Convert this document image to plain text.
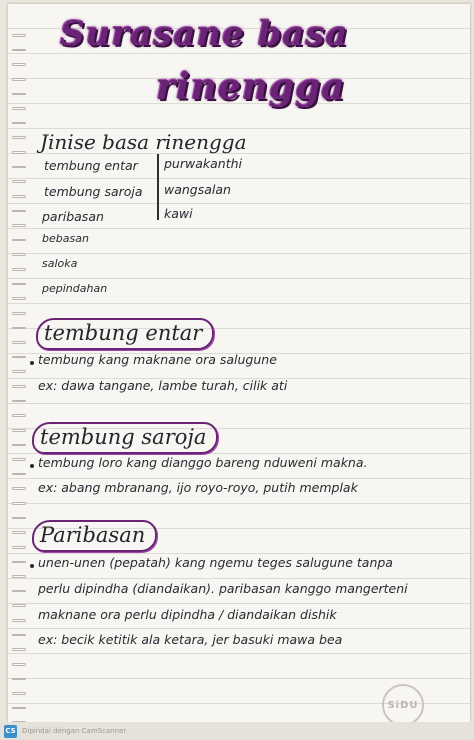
Surasane basa
rinengga
Jinise basa rinengga
tembung entar
tembung saroja
paribasan
bebasan
saloka
pepindahan
purwakanthi
wangsalan
kawi
tembung entar
tembung kang maknane ora salugune
ex: dawa tangane, lambe turah, cilik ati
tembung saroja
tembung loro kang dianggo bareng nduweni makna.
ex: abang mbranang, ijo royo-royo, putih memplak
Paribasan
unen-unen (pepatah) kang ngemu teges salugune tanpa
perlu dipindha (diandaikan). paribasan kanggo mangerteni
maknane ora perlu dipindha / diandaikan dishik
ex: becik ketitik ala ketara, jer basuki mawa bea
SiDU
CS Dipindai dengan CamScanner
